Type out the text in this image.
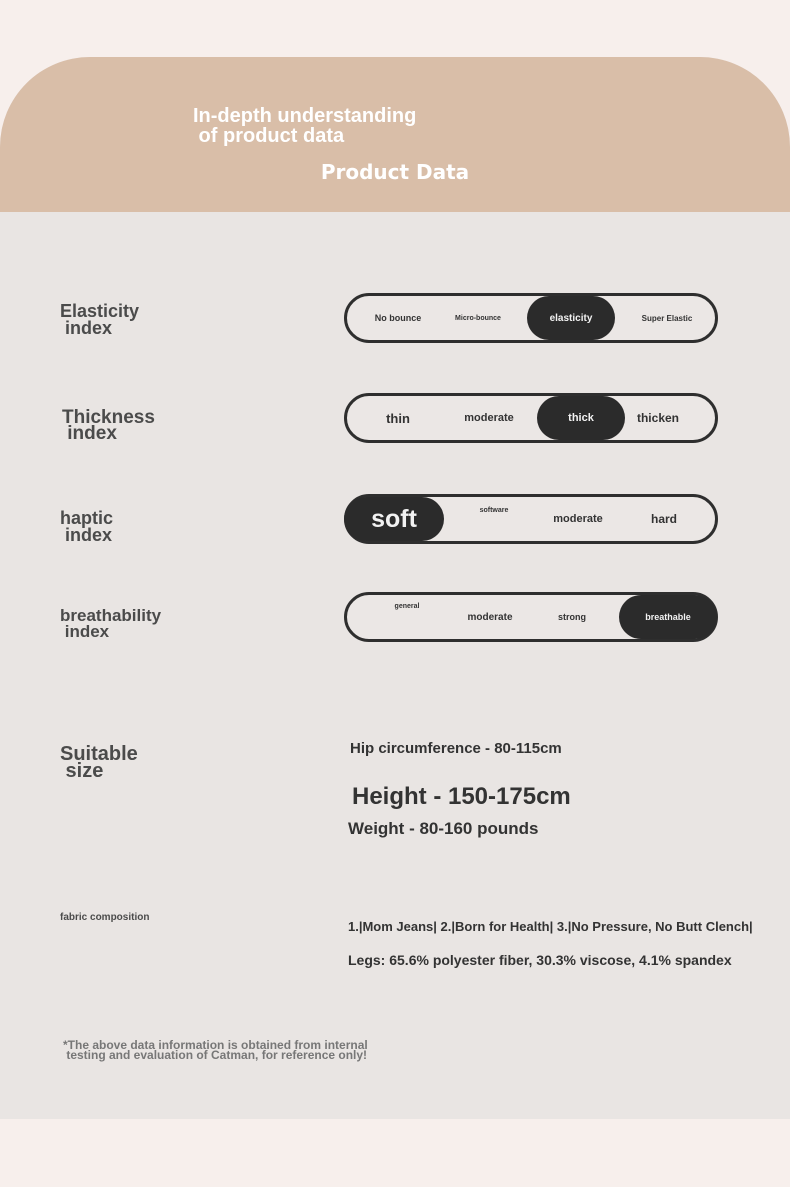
In-depth understanding
of product data
Product Data
Elasticity
index	No bounce	Micro-bounce	elasticity	Super Elastic
Thickness
index
thin	moderate	thick	thicken
haptic
index
soft	software
moderate	hard
breathability
index
general
moderate	strong	breathable
Suitable
size
Hip circumference - 80-115cm
Height - 150-175cm
Weight - 80-160 pounds
fabric composition
1.|Mom Jeans| 2.|Born for Health| 3.|No Pressure, No Butt Clench|
Legs: 65.6% polyester fiber, 30.3% viscose, 4.1% spandex
*The above data information is obtained from internal
testing and evaluation of Catman, for reference only!
